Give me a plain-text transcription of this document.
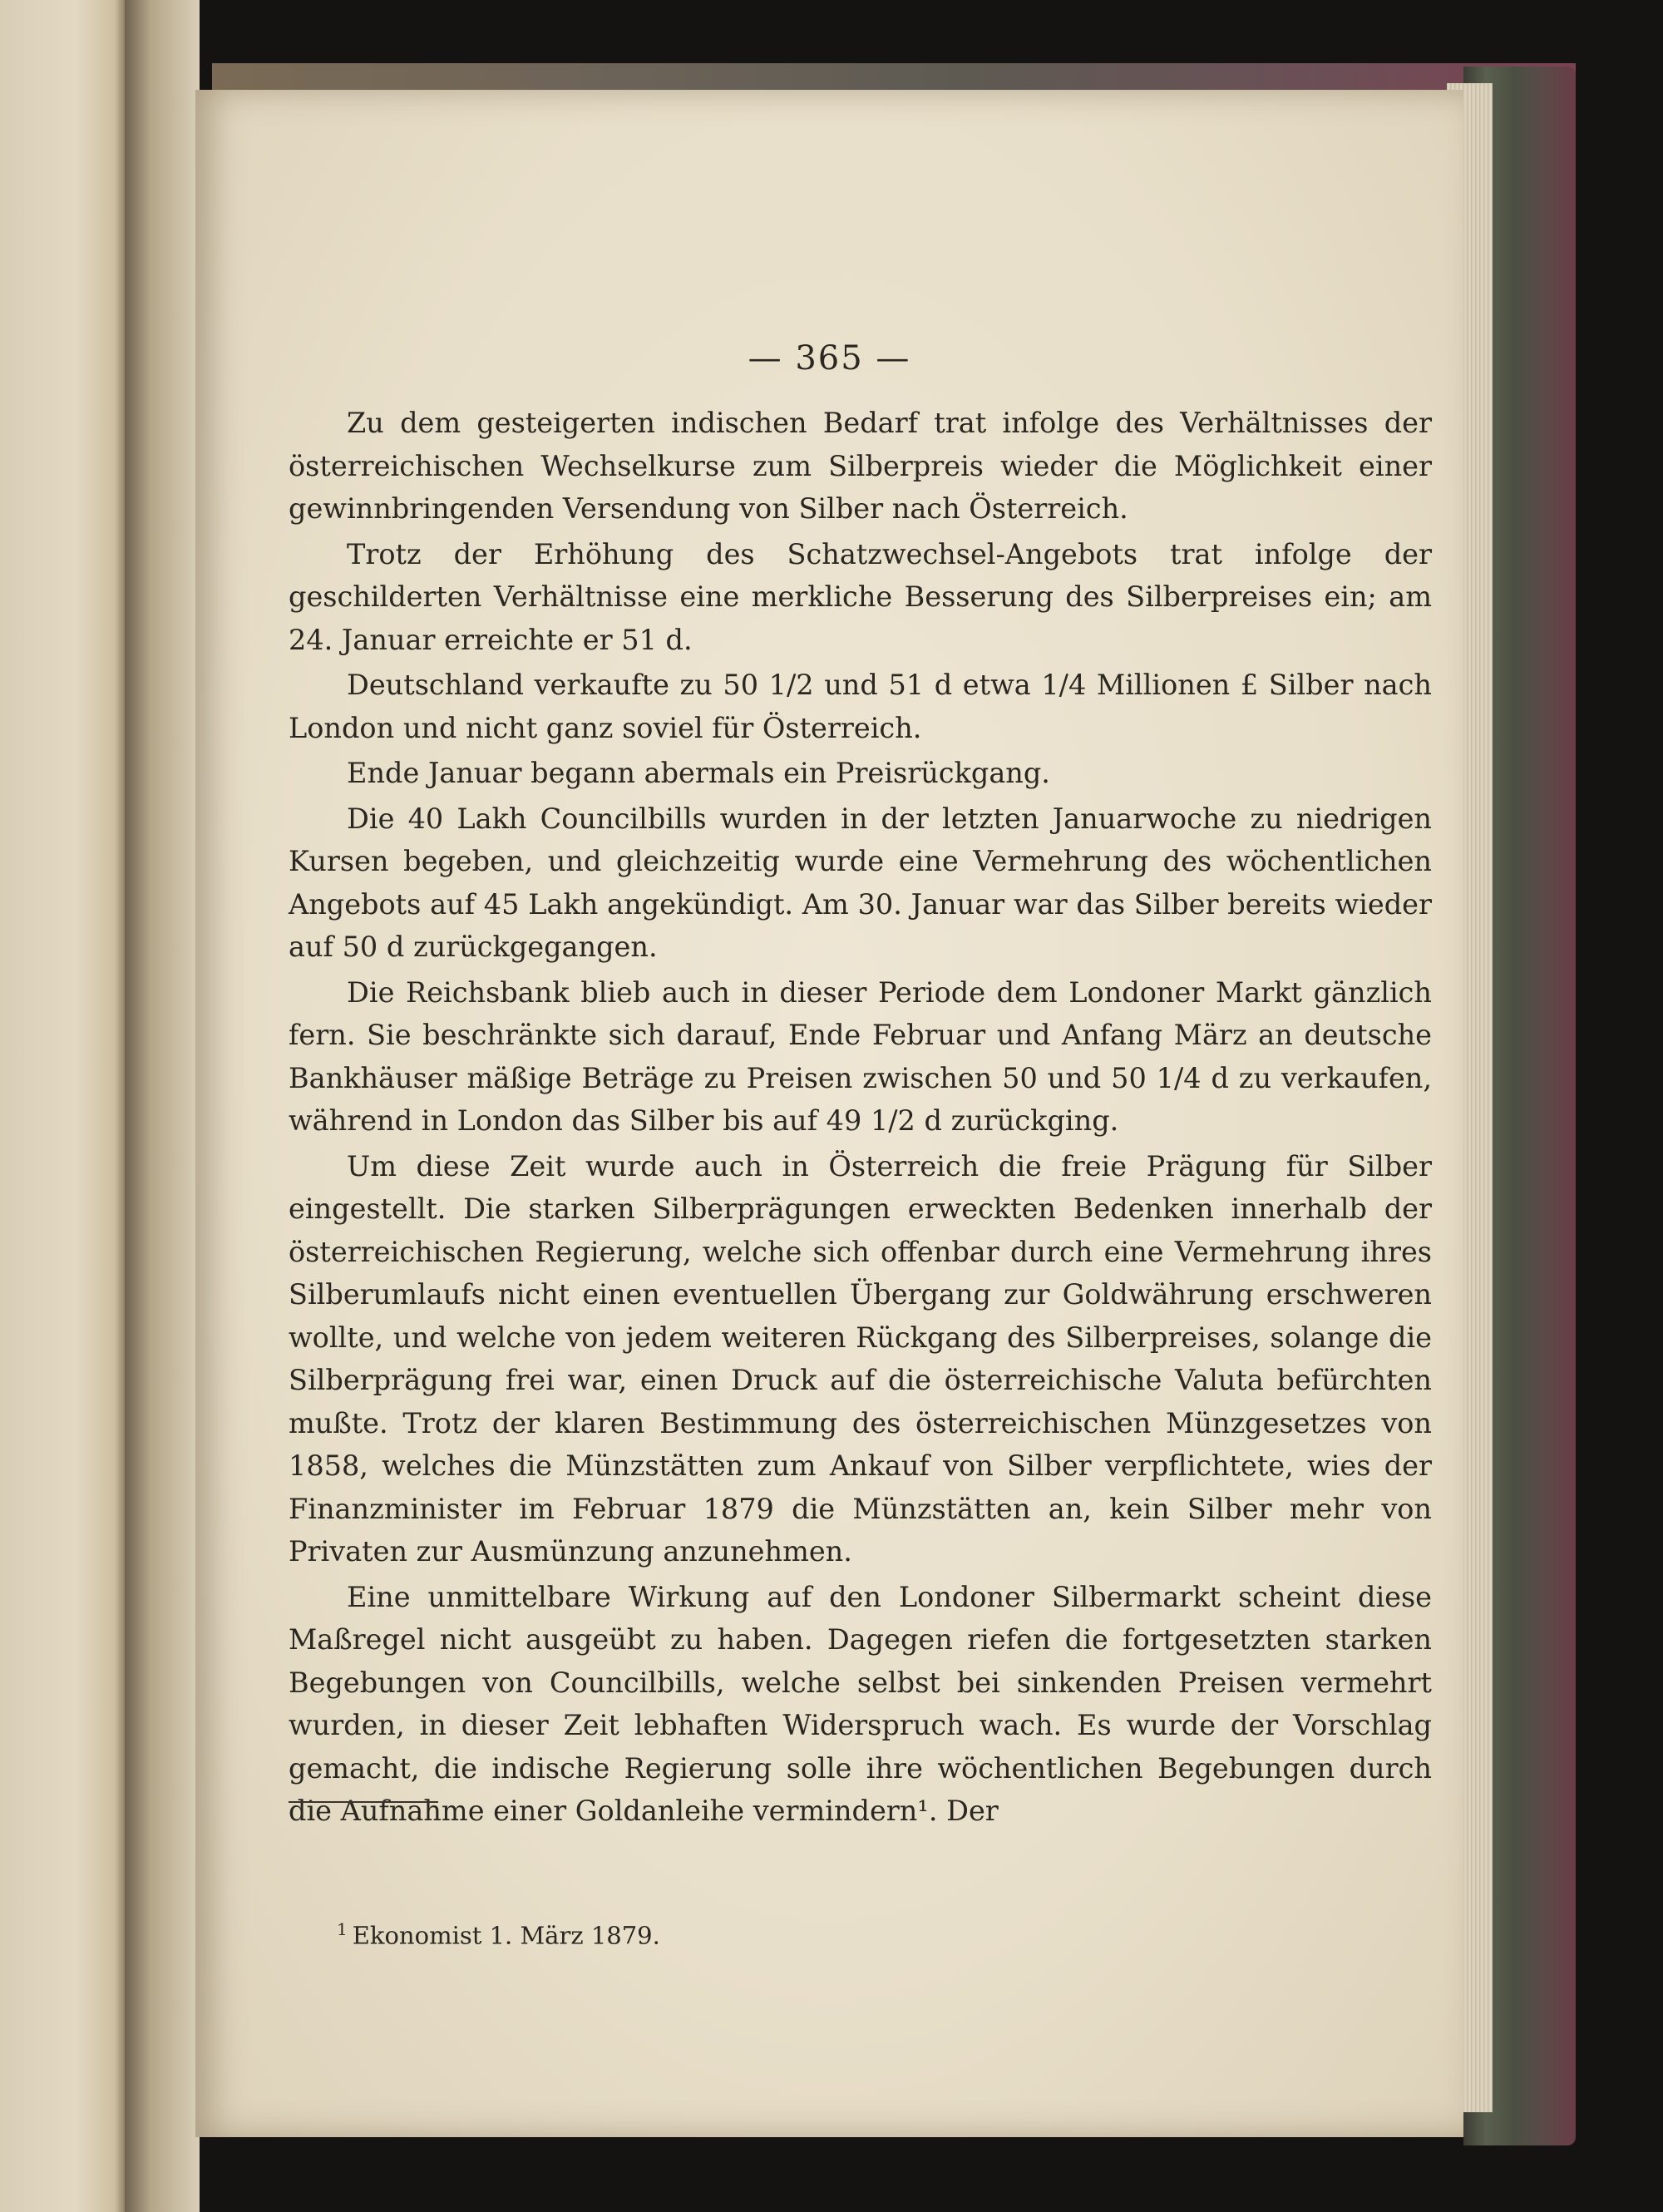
— 365 —

Zu dem gesteigerten indischen Bedarf trat infolge des Verhältnisses der österreichischen Wechselkurse zum Silberpreis wieder die Möglichkeit einer gewinnbringenden Versendung von Silber nach Österreich.

Trotz der Erhöhung des Schatzwechsel-Angebots trat infolge der geschilderten Verhältnisse eine merkliche Besserung des Silberpreises ein; am 24. Januar erreichte er 51 d.

Deutschland verkaufte zu 50 1/2 und 51 d etwa 1/4 Millionen £ Silber nach London und nicht ganz soviel für Österreich.

Ende Januar begann abermals ein Preisrückgang.

Die 40 Lakh Councilbills wurden in der letzten Januarwoche zu niedrigen Kursen begeben, und gleichzeitig wurde eine Vermehrung des wöchentlichen Angebots auf 45 Lakh angekündigt. Am 30. Januar war das Silber bereits wieder auf 50 d zurückgegangen.

Die Reichsbank blieb auch in dieser Periode dem Londoner Markt gänzlich fern. Sie beschränkte sich darauf, Ende Februar und Anfang März an deutsche Bankhäuser mäßige Beträge zu Preisen zwischen 50 und 50 1/4 d zu verkaufen, während in London das Silber bis auf 49 1/2 d zurückging.

Um diese Zeit wurde auch in Österreich die freie Prägung für Silber eingestellt. Die starken Silberprägungen erweckten Bedenken innerhalb der österreichischen Regierung, welche sich offenbar durch eine Vermehrung ihres Silberumlaufs nicht einen eventuellen Übergang zur Goldwährung erschweren wollte, und welche von jedem weiteren Rückgang des Silberpreises, solange die Silberprägung frei war, einen Druck auf die österreichische Valuta befürchten mußte. Trotz der klaren Bestimmung des österreichischen Münzgesetzes von 1858, welches die Münzstätten zum Ankauf von Silber verpflichtete, wies der Finanzminister im Februar 1879 die Münzstätten an, kein Silber mehr von Privaten zur Ausmünzung anzunehmen.

Eine unmittelbare Wirkung auf den Londoner Silbermarkt scheint diese Maßregel nicht ausgeübt zu haben. Dagegen riefen die fortgesetzten starken Begebungen von Councilbills, welche selbst bei sinkenden Preisen vermehrt wurden, in dieser Zeit lebhaften Widerspruch wach. Es wurde der Vorschlag gemacht, die indische Regierung solle ihre wöchentlichen Begebungen durch die Aufnahme einer Goldanleihe vermindern¹. Der

$^1$ Ekonomist 1. März 1879.
